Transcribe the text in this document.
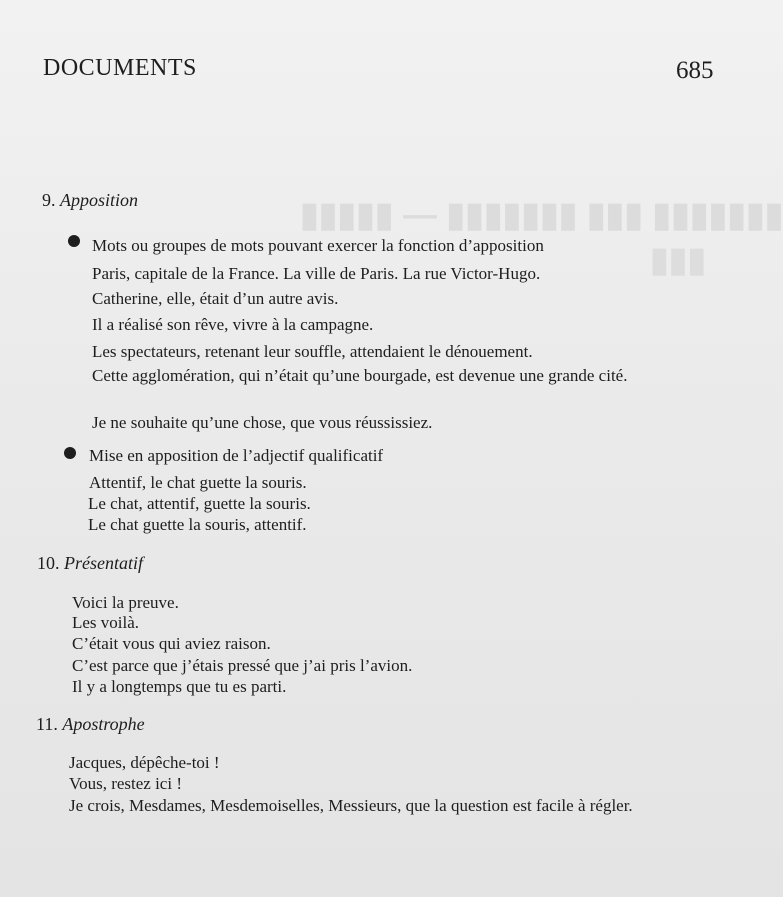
▮▮▮▮▮▮▮ ▮▮▮ ▮▮▮▮▮▮▮ — ▮▮▮▮▮
▮▮▮
DOCUMENTS	685
9. Apposition
Mots ou groupes de mots pouvant exercer la fonction d’apposition
Paris, capitale de la France. La ville de Paris. La rue Victor-Hugo.
Catherine, elle, était d’un autre avis.
Il a réalisé son rêve, vivre à la campagne.
Les spectateurs, retenant leur souffle, attendaient le dénouement.
Cette agglomération, qui n’était qu’une bourgade, est devenue une grande cité.
Je ne souhaite qu’une chose, que vous réussissiez.
Mise en apposition de l’adjectif qualificatif
Attentif, le chat guette la souris.
Le chat, attentif, guette la souris.
Le chat guette la souris, attentif.
10. Présentatif
Voici la preuve.
Les voilà.
C’était vous qui aviez raison.
C’est parce que j’étais pressé que j’ai pris l’avion.
Il y a longtemps que tu es parti.
11. Apostrophe
Jacques, dépêche-toi !
Vous, restez ici !
Je crois, Mesdames, Mesdemoiselles, Messieurs, que la question est facile à régler.
